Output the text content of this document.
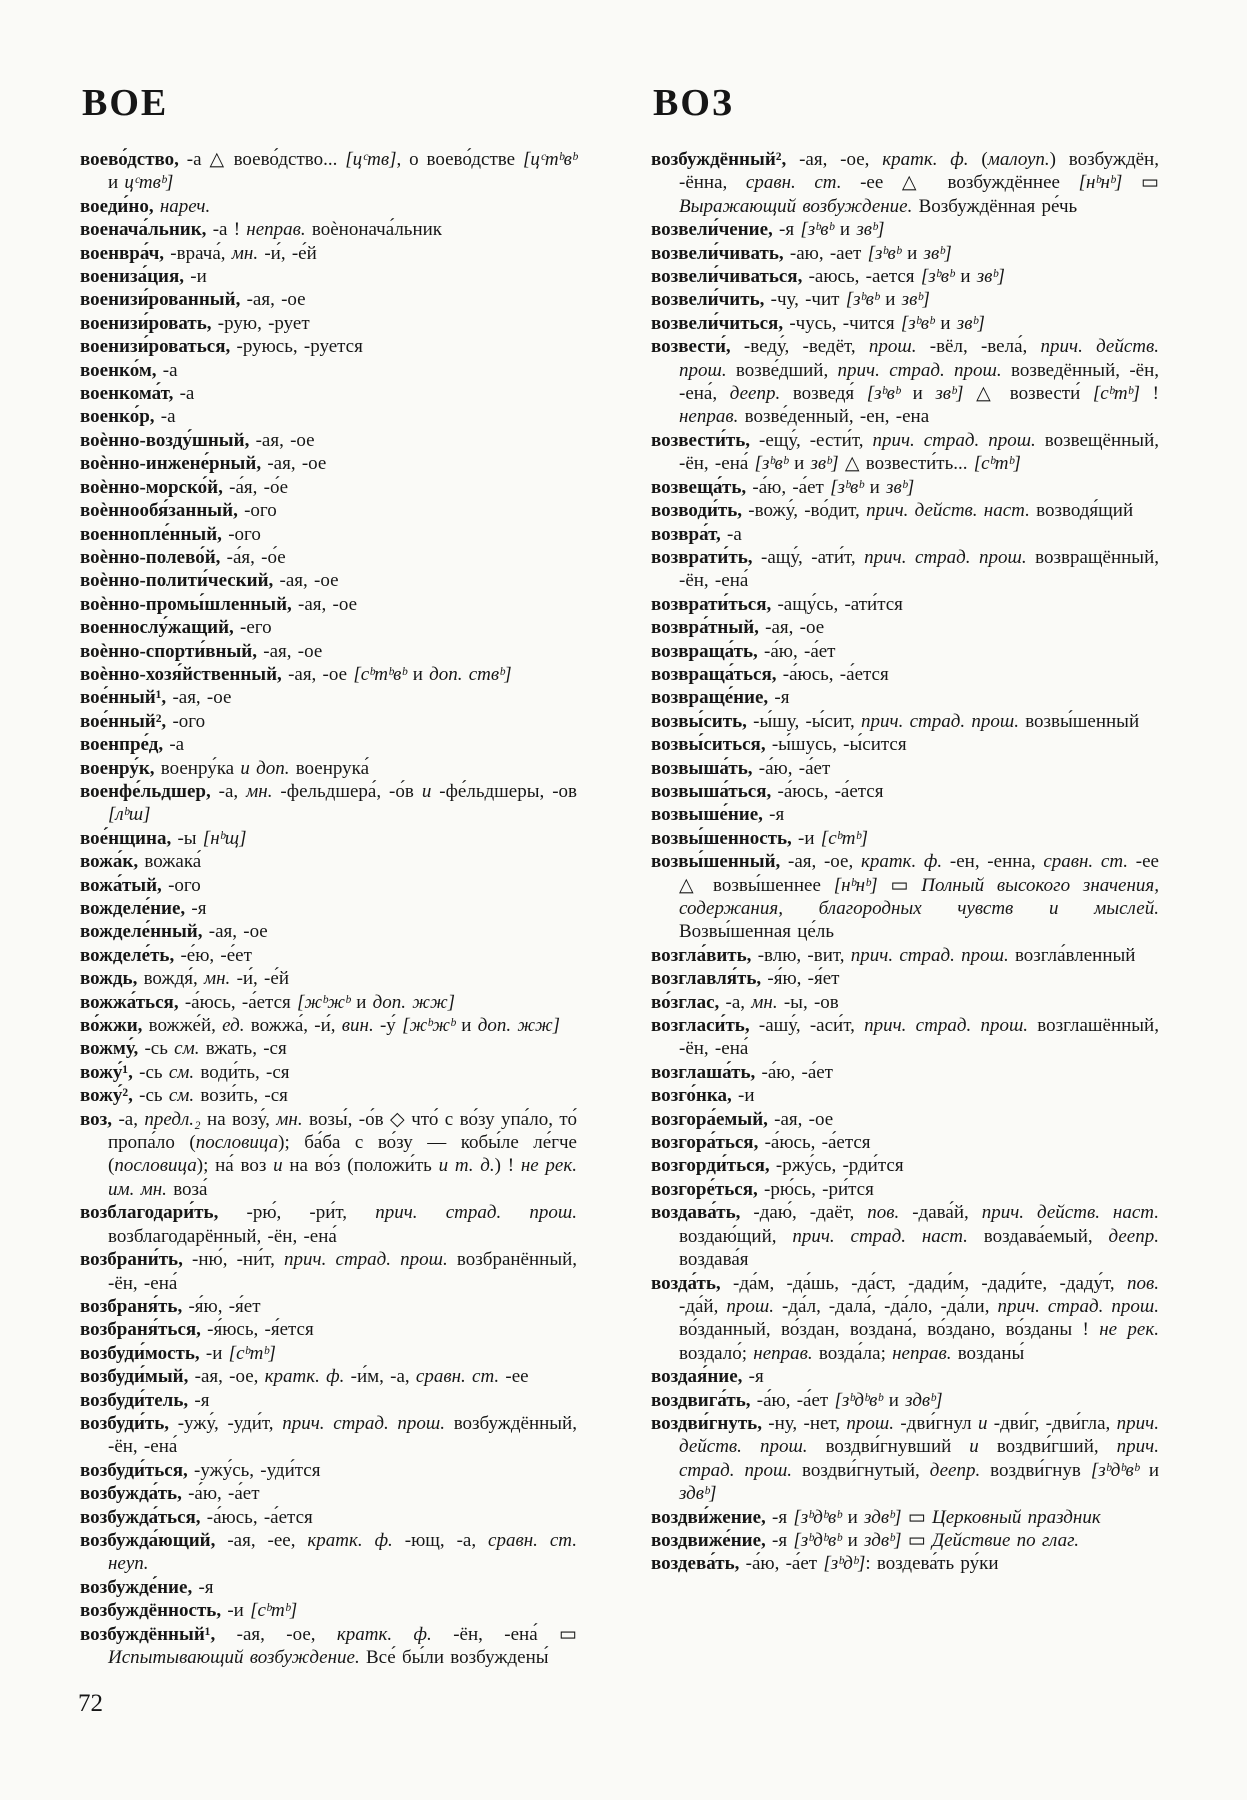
ВОЕ

воево́дство, -а △ воево́дство... [цᶜтв], о воево́дстве [цᶜтᵇвᵇ и цᶜтвᵇ]

воеди́но, нареч.

военача́льник, -а ! неправ. воѐнонача́льник

военвра́ч, -врача́, мн. -и́, -е́й

воениза́ция, -и

военизи́рованный, -ая, -ое

военизи́ровать, -рую, -рует

военизи́роваться, -руюсь, -руется

военко́м, -а

военкома́т, -а

военко́р, -а

воѐнно-возду́шный, -ая, -ое

воѐнно-инжене́рный, -ая, -ое

воѐнно-морско́й, -а́я, -о́е

воѐннообя́занный, -ого

военнопле́нный, -ого

воѐнно-полево́й, -а́я, -о́е

воѐнно-полити́ческий, -ая, -ое

воѐнно-промы́шленный, -ая, -ое

военнослу́жащий, -его

воѐнно-спорти́вный, -ая, -ое

воѐнно-хозя́йственный, -ая, -ое [сᵇтᵇвᵇ и доп. ствᵇ]

вое́нный¹, -ая, -ое

вое́нный², -ого

военпре́д, -а

военру́к, военру́ка и доп. военрука́

военфе́льдшер, -а, мн. -фельдшера́, -о́в и -фе́льдшеры, -ов [лᵇш]

вое́нщина, -ы [нᵇщ]

вожа́к, вожака́

вожа́тый, -ого

вожделе́ние, -я

вожделе́нный, -ая, -ое

вожделе́ть, -е́ю, -е́ет

вождь, вождя́, мн. -и́, -е́й

вожжа́ться, -а́юсь, -а́ется [жᵇжᵇ и доп. жж]

во́жжи, вожже́й, ед. вожжа́, -и́, вин. -у́ [жᵇжᵇ и доп. жж]

вожму́, -сь см. вжать, -ся

вожу́¹, -сь см. води́ть, -ся

вожу́², -сь см. вози́ть, -ся

воз, -а, предл.₂ на возу́, мн. возы́, -о́в ◇ что́ с во́зу упа́ло, то́ пропа́ло (пословица); ба́ба с во́зу — кобы́ле ле́гче (пословица); на́ воз и на во́з (положи́ть и т. д.) ! не рек. им. мн. воза́

возблагодари́ть, -рю́, -ри́т, прич. страд. прош. возблагодарённый, -ён, -ена́

возбрани́ть, -ню́, -ни́т, прич. страд. прош. возбранённый, -ён, -ена́

возбраня́ть, -я́ю, -я́ет

возбраня́ться, -я́юсь, -я́ется

возбуди́мость, -и [сᵇтᵇ]

возбуди́мый, -ая, -ое, кратк. ф. -и́м, -а, сравн. ст. -ее

возбуди́тель, -я

возбуди́ть, -ужу́, -уди́т, прич. страд. прош. возбуждённый, -ён, -ена́

возбуди́ться, -ужу́сь, -уди́тся

возбужда́ть, -а́ю, -а́ет

возбужда́ться, -а́юсь, -а́ется

возбужда́ющий, -ая, -ее, кратк. ф. -ющ, -а, сравн. ст. неуп.

возбужде́ние, -я

возбуждённость, -и [сᵇтᵇ]

возбуждённый¹, -ая, -ое, кратк. ф. -ён, -ена́ ▭ Испытывающий возбуждение. Все́ бы́ли возбуждены́

ВОЗ

возбуждённый², -ая, -ое, кратк. ф. (малоуп.) возбуждён, -ённа, сравн. ст. -ее △ возбуждённее [нᵇнᵇ] ▭ Выражающий возбуждение. Возбуждённая ре́чь

возвели́чение, -я [зᵇвᵇ и звᵇ]

возвели́чивать, -аю, -ает [зᵇвᵇ и звᵇ]

возвели́чиваться, -аюсь, -ается [зᵇвᵇ и звᵇ]

возвели́чить, -чу, -чит [зᵇвᵇ и звᵇ]

возвели́читься, -чусь, -чится [зᵇвᵇ и звᵇ]

возвести́, -веду́, -ведёт, прош. -вёл, -вела́, прич. действ. прош. возве́дший, прич. страд. прош. возведённый, -ён, -ена́, деепр. возведя́ [зᵇвᵇ и звᵇ] △ возвести́ [сᵇтᵇ] ! неправ. возве́денный, -ен, -ена

возвести́ть, -ещу́, -ести́т, прич. страд. прош. возвещённый, -ён, -ена́ [зᵇвᵇ и звᵇ] △ возвести́ть... [сᵇтᵇ]

возвеща́ть, -а́ю, -а́ет [зᵇвᵇ и звᵇ]

возводи́ть, -вожу́, -во́дит, прич. действ. наст. возводя́щий

возвра́т, -а

возврати́ть, -ащу́, -ати́т, прич. страд. прош. возвращённый, -ён, -ена́

возврати́ться, -ащу́сь, -ати́тся

возвра́тный, -ая, -ое

возвраща́ть, -а́ю, -а́ет

возвраща́ться, -а́юсь, -а́ется

возвраще́ние, -я

возвы́сить, -ы́шу, -ы́сит, прич. страд. прош. возвы́шенный

возвы́ситься, -ы́шусь, -ы́сится

возвыша́ть, -а́ю, -а́ет

возвыша́ться, -а́юсь, -а́ется

возвыше́ние, -я

возвы́шенность, -и [сᵇтᵇ]

возвы́шенный, -ая, -ое, кратк. ф. -ен, -енна, сравн. ст. -ее △ возвы́шеннее [нᵇнᵇ] ▭ Полный высокого значения, содержания, благородных чувств и мыслей. Возвы́шенная це́ль

возгла́вить, -влю, -вит, прич. страд. прош. возгла́вленный

возглавля́ть, -я́ю, -я́ет

во́зглас, -а, мн. -ы, -ов

возгласи́ть, -ашу́, -аси́т, прич. страд. прош. возглашённый, -ён, -ена́

возглаша́ть, -а́ю, -а́ет

возго́нка, -и

возгора́емый, -ая, -ое

возгора́ться, -а́юсь, -а́ется

возгорди́ться, -ржу́сь, -рди́тся

возгоре́ться, -рю́сь, -ри́тся

воздава́ть, -даю́, -даёт, пов. -дава́й, прич. действ. наст. воздаю́щий, прич. страд. наст. воздава́емый, деепр. воздава́я

возда́ть, -да́м, -да́шь, -да́ст, -дади́м, -дади́те, -даду́т, пов. -да́й, прош. -да́л, -дала́, -да́ло, -да́ли, прич. страд. прош. во́зданный, во́здан, воздана́, во́здано, во́зданы ! не рек. воздало́; неправ. возда́ла; неправ. возданы́

воздая́ние, -я

воздвига́ть, -а́ю, -а́ет [зᵇдᵇвᵇ и здвᵇ]

воздви́гнуть, -ну, -нет, прош. -дви́гнул и -дви́г, -дви́гла, прич. действ. прош. воздви́гнувший и воздви́гший, прич. страд. прош. воздви́гнутый, деепр. воздви́гнув [зᵇдᵇвᵇ и здвᵇ]

воздви́жение, -я [зᵇдᵇвᵇ и здвᵇ] ▭ Церковный праздник

воздвиже́ние, -я [зᵇдᵇвᵇ и здвᵇ] ▭ Действие по глаг.

воздева́ть, -а́ю, -а́ет [зᵇдᵇ]: воздева́ть ру́ки

72
